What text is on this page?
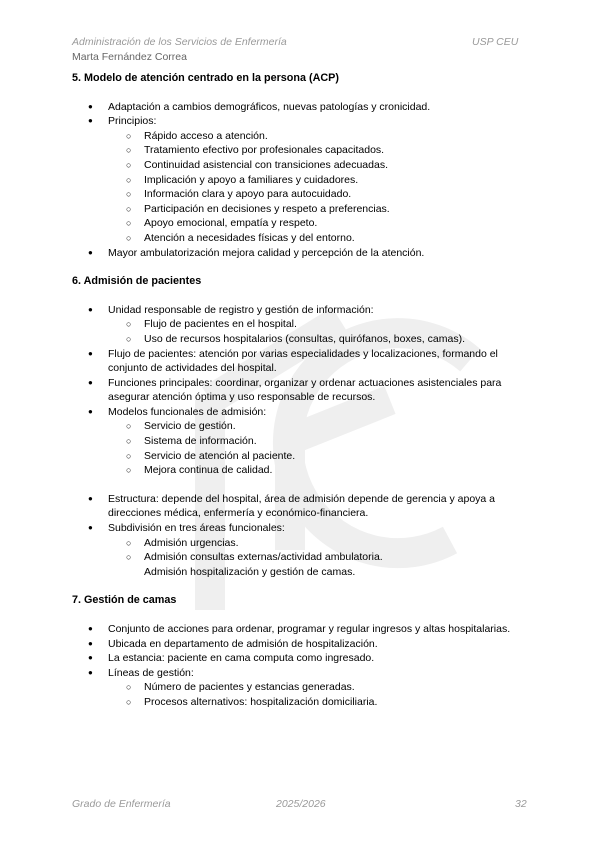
Administración de los Servicios de Enfermería	USP CEU
Marta Fernández Correa
5. Modelo de atención centrado en la persona (ACP)
● Adaptación a cambios demográficos, nuevas patologías y cronicidad.
● Principios:
○ Rápido acceso a atención.
○ Tratamiento efectivo por profesionales capacitados.
○ Continuidad asistencial con transiciones adecuadas.
○ Implicación y apoyo a familiares y cuidadores.
○ Información clara y apoyo para autocuidado.
○ Participación en decisiones y respeto a preferencias.
○ Apoyo emocional, empatía y respeto.
○ Atención a necesidades físicas y del entorno.
● Mayor ambulatorización mejora calidad y percepción de la atención.
6. Admisión de pacientes
● Unidad responsable de registro y gestión de información:
○ Flujo de pacientes en el hospital.
○ Uso de recursos hospitalarios (consultas, quirófanos, boxes, camas).
● Flujo de pacientes: atención por varias especialidades y localizaciones, formando el conjunto de actividades del hospital.
● Funciones principales: coordinar, organizar y ordenar actuaciones asistenciales para asegurar atención óptima y uso responsable de recursos.
● Modelos funcionales de admisión:
○ Servicio de gestión.
○ Sistema de información.
○ Servicio de atención al paciente.
○ Mejora continua de calidad.
● Estructura: depende del hospital, área de admisión depende de gerencia y apoya a direcciones médica, enfermería y económico-financiera.
● Subdivisión en tres áreas funcionales:
○ Admisión urgencias.
○ Admisión consultas externas/actividad ambulatoria.
Admisión hospitalización y gestión de camas.
7. Gestión de camas
● Conjunto de acciones para ordenar, programar y regular ingresos y altas hospitalarias.
● Ubicada en departamento de admisión de hospitalización.
● La estancia: paciente en cama computa como ingresado.
● Líneas de gestión:
○ Número de pacientes y estancias generadas.
○ Procesos alternativos: hospitalización domiciliaria.
Grado de Enfermería	2025/2026	32
